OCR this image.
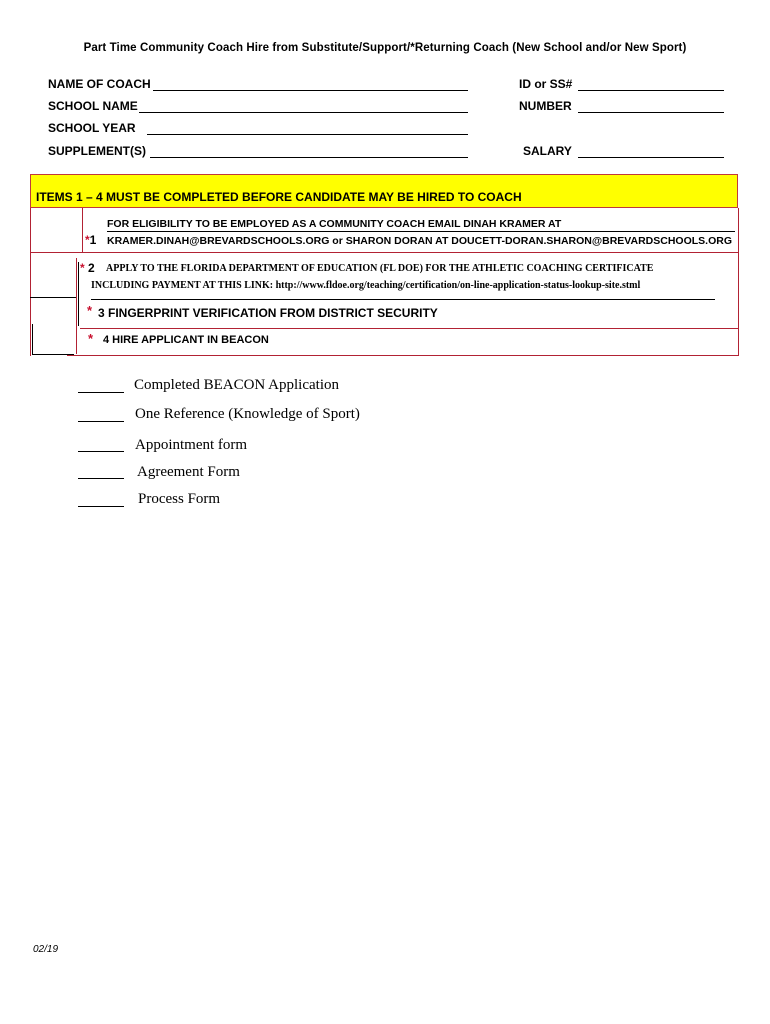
Part Time Community Coach Hire from Substitute/Support/*Returning Coach (New School and/or New Sport)
NAME OF COACH
SCHOOL NAME
SCHOOL YEAR
SUPPLEMENT(S)
ID or SS#
NUMBER
SALARY
ITEMS 1 – 4 MUST BE COMPLETED BEFORE CANDIDATE MAY BE HIRED TO COACH
FOR ELIGIBILITY TO BE EMPLOYED AS A COMMUNITY COACH EMAIL DINAH KRAMER AT
*1 KRAMER.DINAH@BREVARDSCHOOLS.ORG or SHARON DORAN AT DOUCETT-DORAN.SHARON@BREVARDSCHOOLS.ORG
* 2 APPLY TO THE FLORIDA DEPARTMENT OF EDUCATION (FL DOE) FOR THE ATHLETIC COACHING CERTIFICATE
INCLUDING PAYMENT AT THIS LINK: http://www.fldoe.org/teaching/certification/on-line-application-status-lookup-site.stml
* 3 FINGERPRINT VERIFICATION FROM DISTRICT SECURITY
* 4 HIRE APPLICANT IN BEACON
Completed BEACON Application
One Reference (Knowledge of Sport)
Appointment form
Agreement Form
Process Form
02/19
